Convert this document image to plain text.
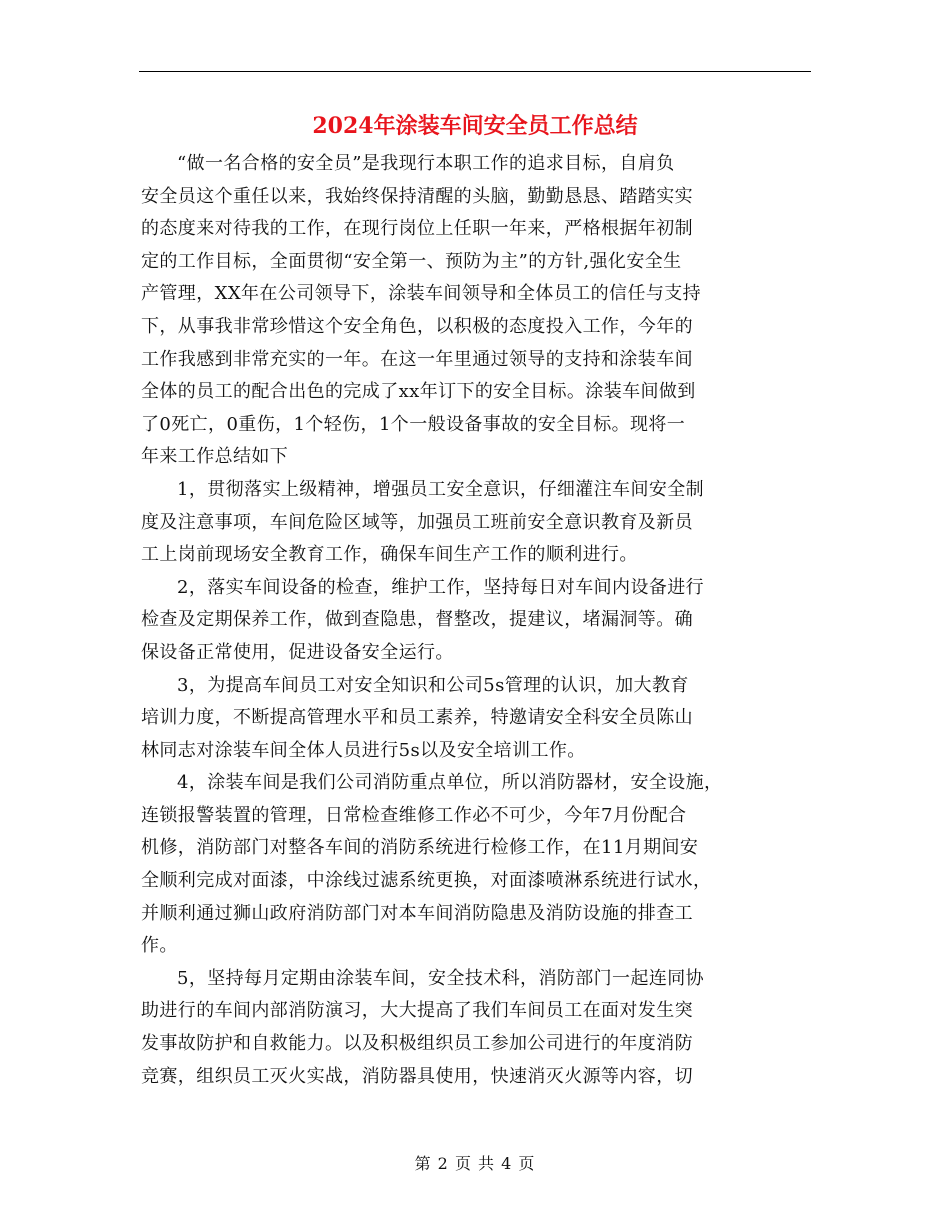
2024年涂装车间安全员工作总结

“做一名合格的安全员”是我现行本职工作的追求目标，自肩负
安全员这个重任以来，我始终保持清醒的头脑，勤勤恳恳、踏踏实实
的态度来对待我的工作，在现行岗位上任职一年来，严格根据年初制
定的工作目标，全面贯彻“安全第一、预防为主”的方针,强化安全生
产管理，XX年在公司领导下，涂装车间领导和全体员工的信任与支持
下，从事我非常珍惜这个安全角色，以积极的态度投入工作，今年的
工作我感到非常充实的一年。在这一年里通过领导的支持和涂装车间
全体的员工的配合出色的完成了xx年订下的安全目标。涂装车间做到
了0死亡，0重伤，1个轻伤，1个一般设备事故的安全目标。现将一
年来工作总结如下

1，贯彻落实上级精神，增强员工安全意识，仔细灌注车间安全制
度及注意事项，车间危险区域等，加强员工班前安全意识教育及新员
工上岗前现场安全教育工作，确保车间生产工作的顺利进行。

2，落实车间设备的检查，维护工作，坚持每日对车间内设备进行
检查及定期保养工作，做到查隐患，督整改，提建议，堵漏洞等。确
保设备正常使用，促进设备安全运行。

3，为提高车间员工对安全知识和公司5s管理的认识，加大教育
培训力度，不断提高管理水平和员工素养，特邀请安全科安全员陈山
林同志对涂装车间全体人员进行5s以及安全培训工作。

4，涂装车间是我们公司消防重点单位，所以消防器材，安全设施，
连锁报警装置的管理，日常检查维修工作必不可少，今年7月份配合
机修，消防部门对整各车间的消防系统进行检修工作，在11月期间安
全顺利完成对面漆，中涂线过滤系统更换，对面漆喷淋系统进行试水，
并顺利通过狮山政府消防部门对本车间消防隐患及消防设施的排查工
作。

5，坚持每月定期由涂装车间，安全技术科，消防部门一起连同协
助进行的车间内部消防演习，大大提高了我们车间员工在面对发生突
发事故防护和自救能力。以及积极组织员工参加公司进行的年度消防
竞赛，组织员工灭火实战，消防器具使用，快速消灭火源等内容，切

第 2 页 共 4 页
